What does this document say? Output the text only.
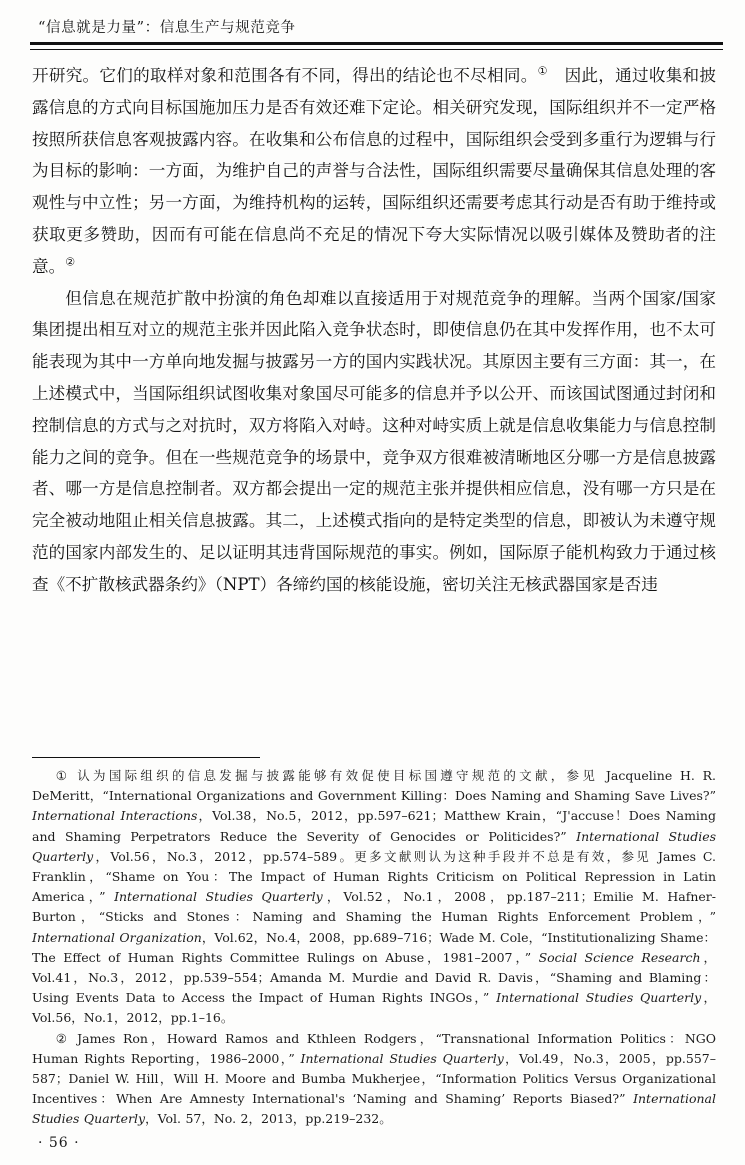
“信息就是力量”：信息生产与规范竞争

开研究。它们的取样对象和范围各有不同，得出的结论也不尽相同。①　因此，通过收集和披露信息的方式向目标国施加压力是否有效还难下定论。相关研究发现，国际组织并不一定严格按照所获信息客观披露内容。在收集和公布信息的过程中，国际组织会受到多重行为逻辑与行为目标的影响：一方面，为维护自己的声誉与合法性，国际组织需要尽量确保其信息处理的客观性与中立性；另一方面，为维持机构的运转，国际组织还需要考虑其行动是否有助于维持或获取更多赞助，因而有可能在信息尚不充足的情况下夸大实际情况以吸引媒体及赞助者的注意。②

但信息在规范扩散中扮演的角色却难以直接适用于对规范竞争的理解。当两个国家/国家集团提出相互对立的规范主张并因此陷入竞争状态时，即使信息仍在其中发挥作用，也不太可能表现为其中一方单向地发掘与披露另一方的国内实践状况。其原因主要有三方面：其一，在上述模式中，当国际组织试图收集对象国尽可能多的信息并予以公开、而该国试图通过封闭和控制信息的方式与之对抗时，双方将陷入对峙。这种对峙实质上就是信息收集能力与信息控制能力之间的竞争。但在一些规范竞争的场景中，竞争双方很难被清晰地区分哪一方是信息披露者、哪一方是信息控制者。双方都会提出一定的规范主张并提供相应信息，没有哪一方只是在完全被动地阻止相关信息披露。其二，上述模式指向的是特定类型的信息，即被认为未遵守规范的国家内部发生的、足以证明其违背国际规范的事实。例如，国际原子能机构致力于通过核查《不扩散核武器条约》（NPT）各缔约国的核能设施，密切关注无核武器国家是否违

① 认为国际组织的信息发掘与披露能够有效促使目标国遵守规范的文献，参见 Jacqueline H. R. DeMeritt，“International Organizations and Government Killing：Does Naming and Shaming Save Lives?” International Interactions，Vol.38，No.5，2012，pp.597–621；Matthew Krain，“J'accuse！Does Naming and Shaming Perpetrators Reduce the Severity of Genocides or Politicides?” International Studies Quarterly，Vol.56，No.3，2012，pp.574–589。更多文献则认为这种手段并不总是有效，参见 James C. Franklin，“Shame on You：The Impact of Human Rights Criticism on Political Repression in Latin America，” International Studies Quarterly，Vol.52，No.1，2008，pp.187–211；Emilie M. Hafner-Burton，“Sticks and Stones：Naming and Shaming the Human Rights Enforcement Problem，” International Organization，Vol.62，No.4，2008，pp.689–716；Wade M. Cole，“Institutionalizing Shame：The Effect of Human Rights Committee Rulings on Abuse，1981–2007，” Social Science Research，Vol.41，No.3，2012，pp.539–554；Amanda M. Murdie and David R. Davis，“Shaming and Blaming：Using Events Data to Access the Impact of Human Rights INGOs，” International Studies Quarterly，Vol.56，No.1，2012，pp.1–16。

② James Ron，Howard Ramos and Kthleen Rodgers，“Transnational Information Politics：NGO Human Rights Reporting，1986–2000，” International Studies Quarterly，Vol.49，No.3，2005，pp.557–587；Daniel W. Hill，Will H. Moore and Bumba Mukherjee，“Information Politics Versus Organizational Incentives：When Are Amnesty International's ‘Naming and Shaming’ Reports Biased?” International Studies Quarterly，Vol. 57，No. 2，2013，pp.219–232。

· 56 ·
